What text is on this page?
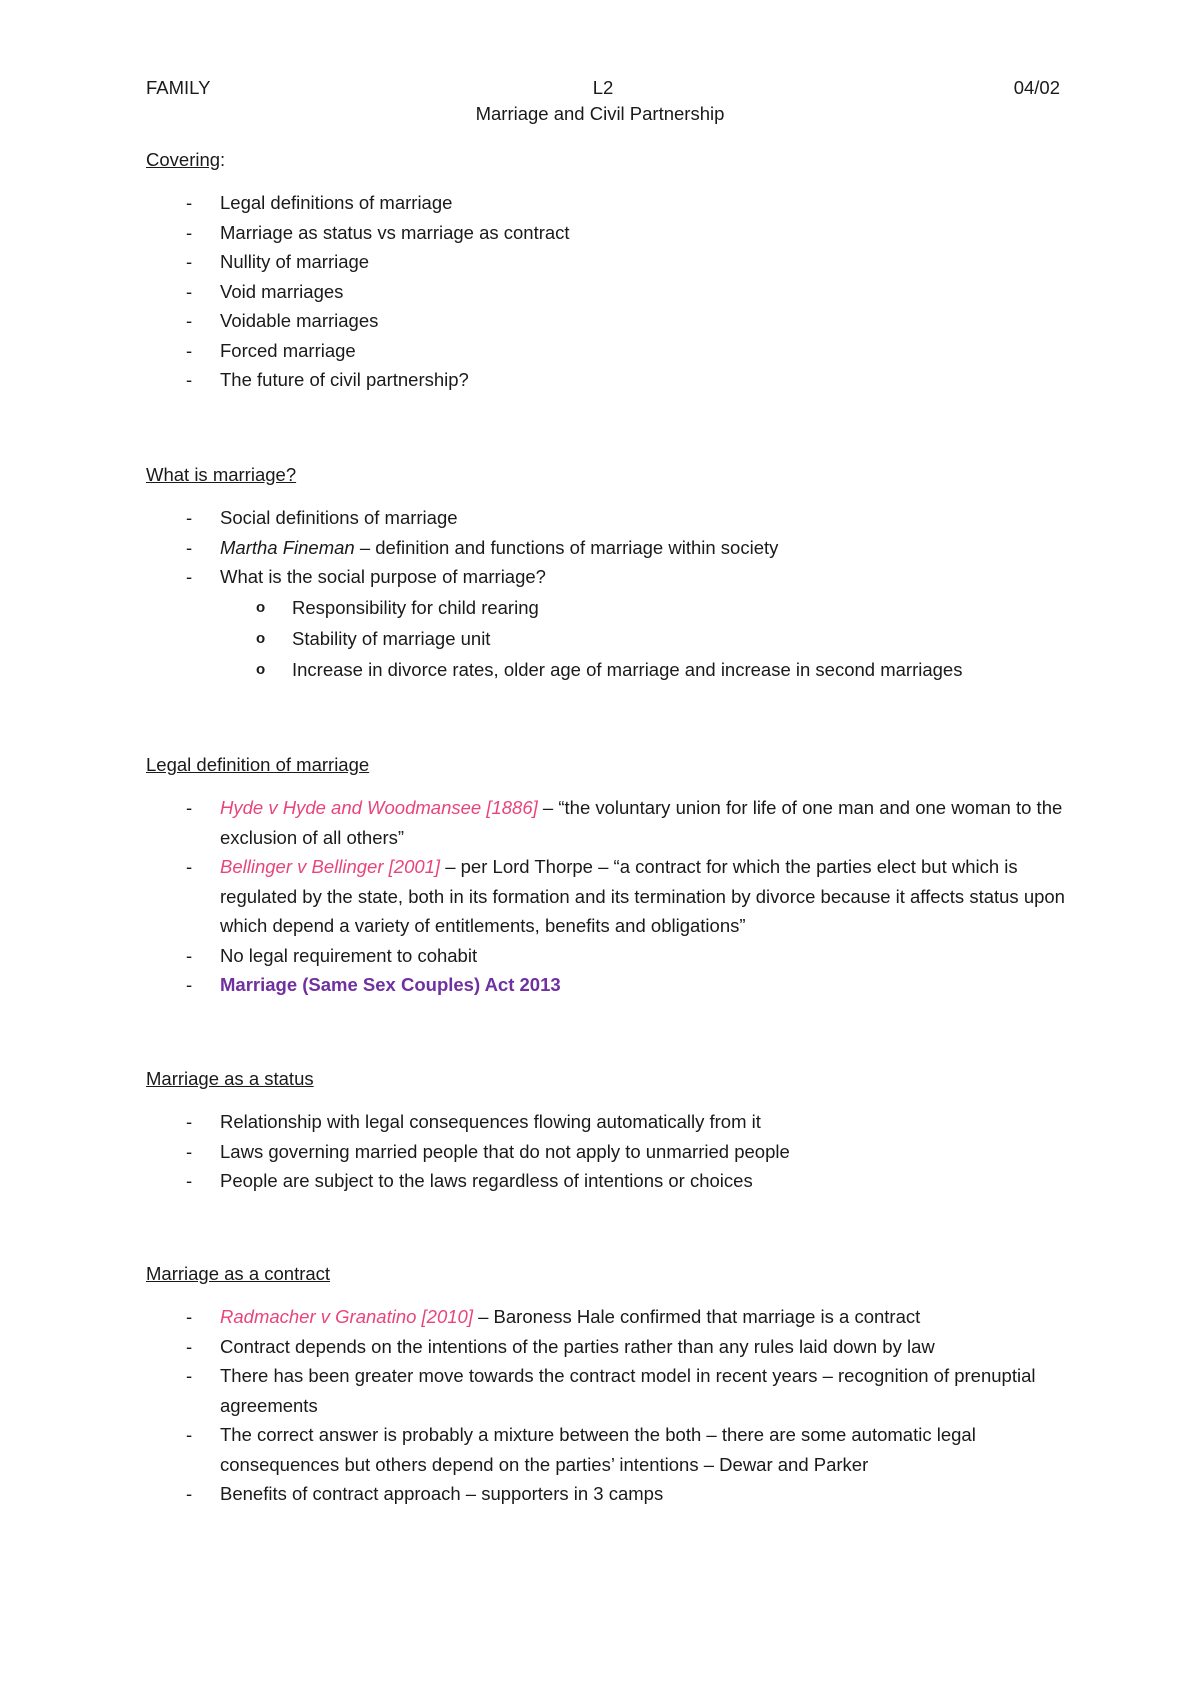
FAMILY	L2	04/02
Marriage and Civil Partnership
Covering:
- Legal definitions of marriage
- Marriage as status vs marriage as contract
- Nullity of marriage
- Void marriages
- Voidable marriages
- Forced marriage
- The future of civil partnership?
What is marriage?
- Social definitions of marriage
- Martha Fineman – definition and functions of marriage within society
- What is the social purpose of marriage?
o Responsibility for child rearing
o Stability of marriage unit
o Increase in divorce rates, older age of marriage and increase in second marriages
Legal definition of marriage
- Hyde v Hyde and Woodmansee [1886] – “the voluntary union for life of one man and one woman to the exclusion of all others”
- Bellinger v Bellinger [2001] – per Lord Thorpe – “a contract for which the parties elect but which is regulated by the state, both in its formation and its termination by divorce because it affects status upon which depend a variety of entitlements, benefits and obligations”
- No legal requirement to cohabit
- Marriage (Same Sex Couples) Act 2013
Marriage as a status
- Relationship with legal consequences flowing automatically from it
- Laws governing married people that do not apply to unmarried people
- People are subject to the laws regardless of intentions or choices
Marriage as a contract
- Radmacher v Granatino [2010] – Baroness Hale confirmed that marriage is a contract
- Contract depends on the intentions of the parties rather than any rules laid down by law
- There has been greater move towards the contract model in recent years – recognition of prenuptial agreements
- The correct answer is probably a mixture between the both – there are some automatic legal consequences but others depend on the parties’ intentions – Dewar and Parker
- Benefits of contract approach – supporters in 3 camps
